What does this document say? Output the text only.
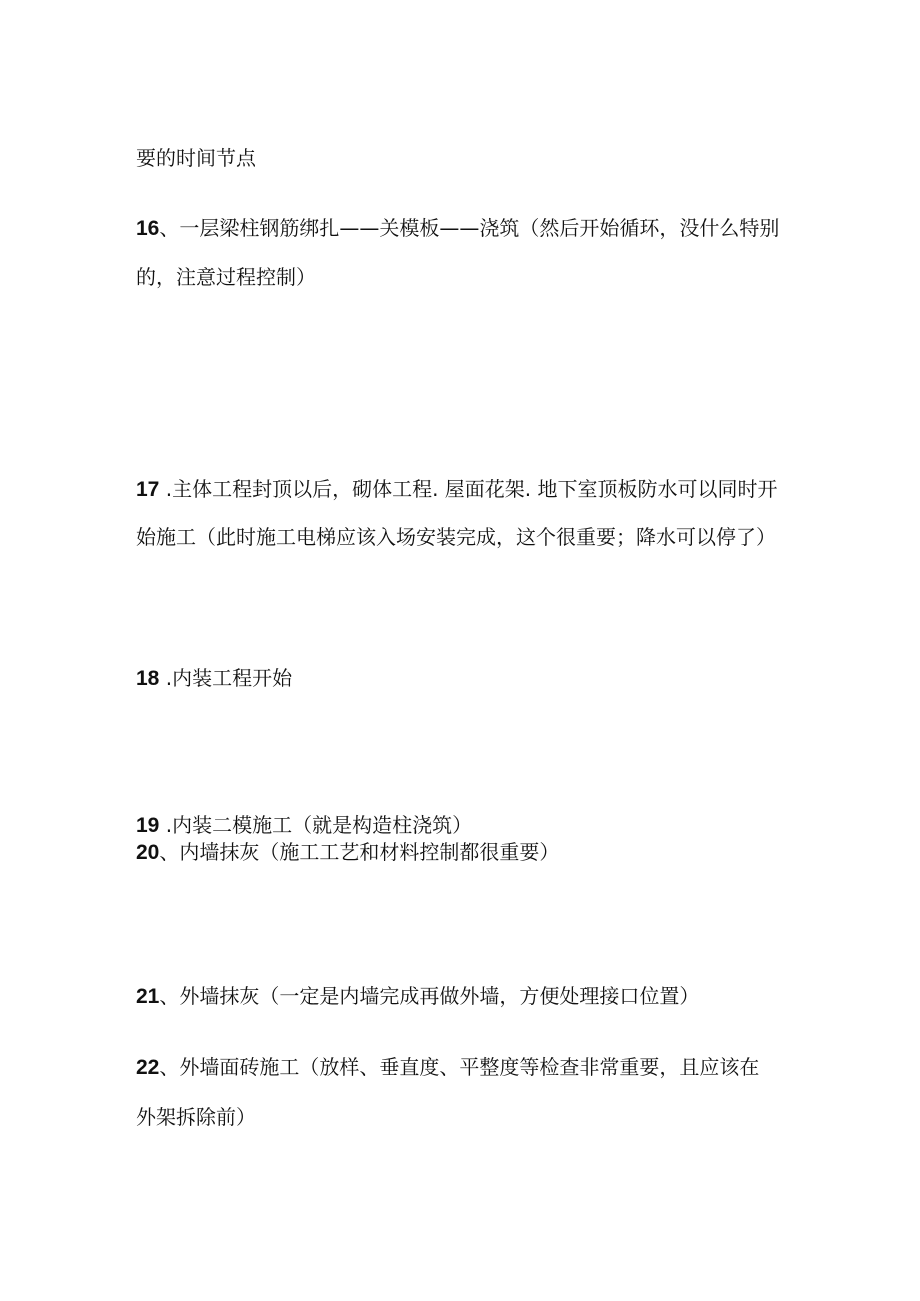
要的时间节点
16、一层梁柱钢筋绑扎——关模板——浇筑（然后开始循环，没什么特别
的，注意过程控制）
17 .主体工程封顶以后，砌体工程. 屋面花架. 地下室顶板防水可以同时开
始施工（此时施工电梯应该入场安装完成，这个很重要；降水可以停了）
18 .内装工程开始
19 .内装二模施工（就是构造柱浇筑）
20、内墙抹灰（施工工艺和材料控制都很重要）
21、外墙抹灰（一定是内墙完成再做外墙，方便处理接口位置）
22、外墙面砖施工（放样、垂直度、平整度等检查非常重要，且应该在
外架拆除前）
